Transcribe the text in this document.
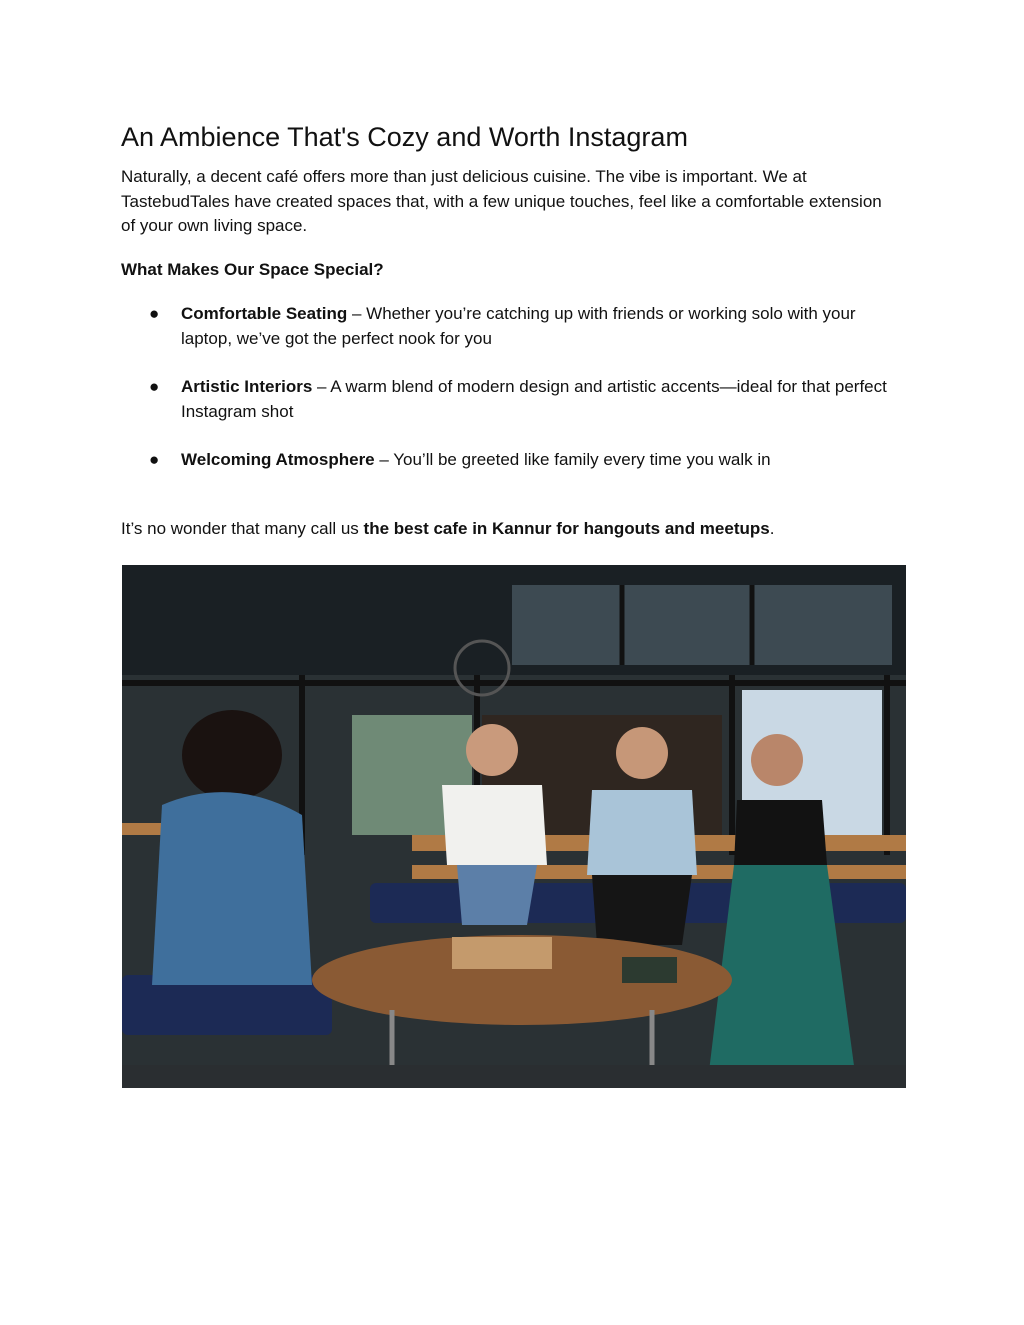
An Ambience That's Cozy and Worth Instagram

Naturally, a decent café offers more than just delicious cuisine. The vibe is important. We at TastebudTales have created spaces that, with a few unique touches, feel like a comfortable extension of your own living space.

What Makes Our Space Special?

● Comfortable Seating – Whether you’re catching up with friends or working solo with your laptop, we’ve got the perfect nook for you
● Artistic Interiors – A warm blend of modern design and artistic accents—ideal for that perfect Instagram shot
● Welcoming Atmosphere – You’ll be greeted like family every time you walk in

It’s no wonder that many call us the best cafe in Kannur for hangouts and meetups.
